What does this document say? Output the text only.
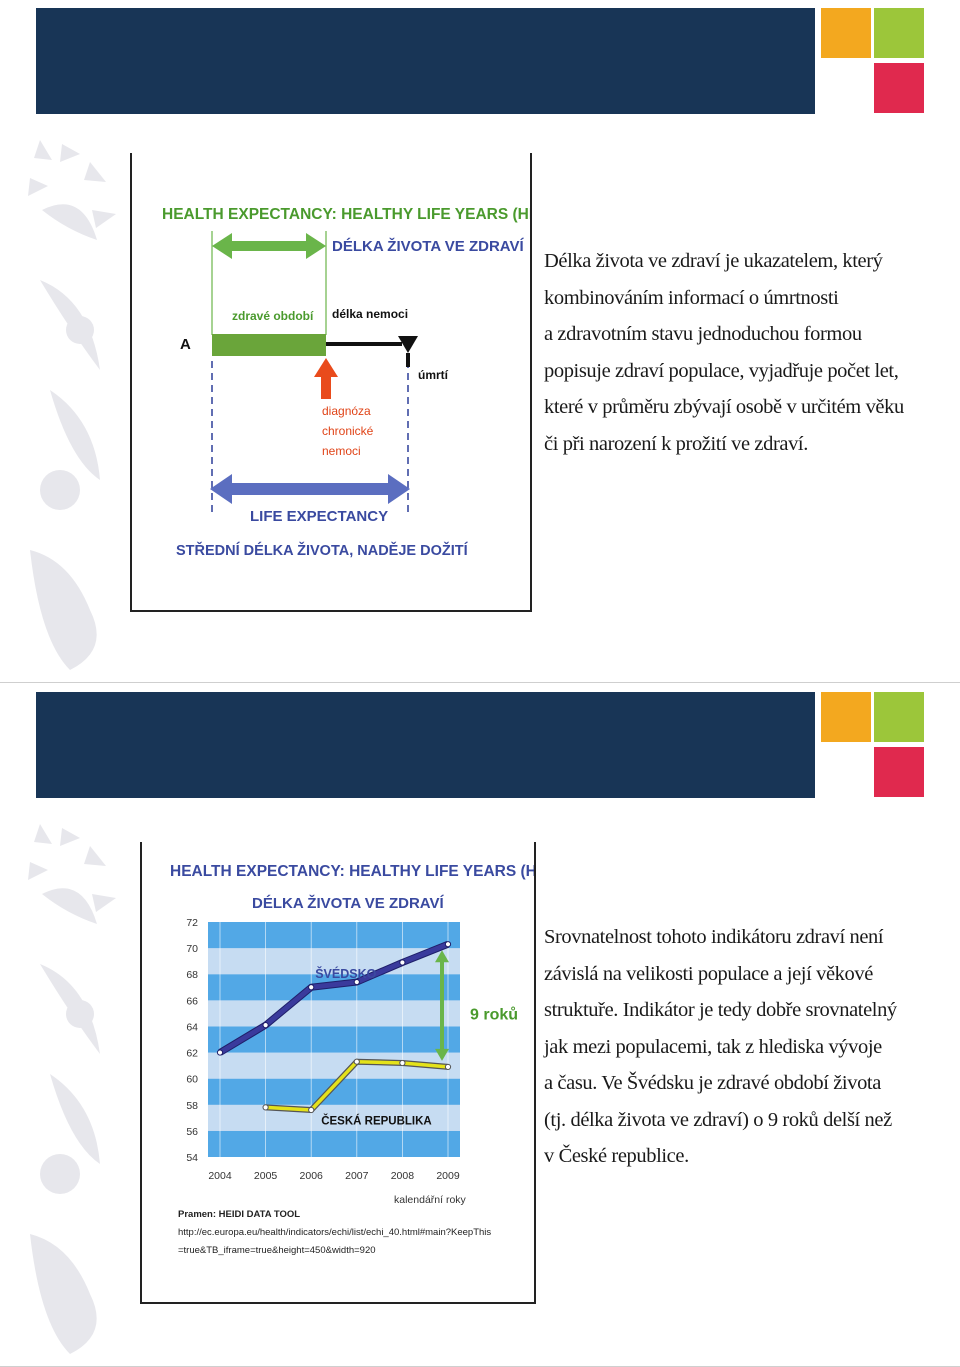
HEALTH EXPECTANCY: HEALTHY LIFE YEARS (HLY)
DÉLKA ŽIVOTA VE ZDRAVÍ
A
zdravé období délka nemoci
úmrtí
diagnóza
chronické
nemoci
LIFE EXPECTANCY
STŘEDNÍ DÉLKA ŽIVOTA, NADĚJE DOŽITÍ
Délka života ve zdraví je ukazatelem, který
kombinováním informací o úmrtnosti
a zdravotním stavu jednoduchou formou
popisuje zdraví populace, vyjadřuje počet let,
které v průměru zbývají osobě v určitém věku
či při narození k prožití ve zdraví.
HEALTH EXPECTANCY: HEALTHY LIFE YEARS (HLY)
DÉLKA ŽIVOTA VE ZDRAVÍ
72
70
68
66
64
62
60
58
56
54
2004 2005 2006 2007 2008 2009
ŠVÉDSKO
ČESKÁ REPUBLIKA
9 roků
kalendářní roky
Pramen: HEIDI DATA TOOL
http://ec.europa.eu/health/indicators/echi/list/echi_40.html#main?KeepThis
=true&TB_iframe=true&height=450&width=920
Srovnatelnost tohoto indikátoru zdraví není
závislá na velikosti populace a její věkové
struktuře. Indikátor je tedy dobře srovnatelný
jak mezi populacemi, tak z hlediska vývoje
a času. Ve Švédsku je zdravé období života
(tj. délka života ve zdraví) o 9 roků delší než
v České republice.
